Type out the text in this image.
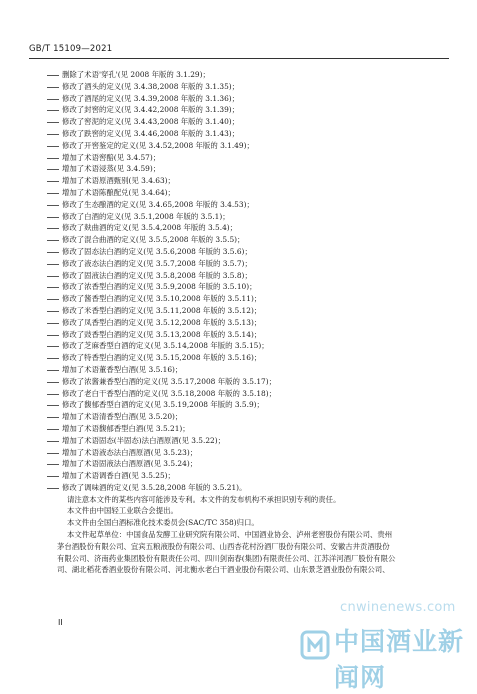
GB/T 15109—2021
删除了术语'穿孔'(见 2008 年版的 3.1.29)；
修改了酒头的定义(见 3.4.38,2008 年版的 3.1.35)；
修改了酒尾的定义(见 3.4.39,2008 年版的 3.1.36)；
修改了封窖的定义(见 3.4.42,2008 年版的 3.1.39)；
修改了窖泥的定义(见 3.4.43,2008 年版的 3.1.40)；
修改了跌窖的定义(见 3.4.46,2008 年版的 3.1.43)；
修改了开窖鉴定的定义(见 3.4.52,2008 年版的 3.1.49)；
增加了术语窖醅(见 3.4.57)；
增加了术语浸蒸(见 3.4.59)；
增加了术语原酒甄别(见 3.4.63)；
增加了术语陈酿配兑(见 3.4.64)；
修改了生态酿酒的定义(见 3.4.65,2008 年版的 3.4.53)；
修改了白酒的定义(见 3.5.1,2008 年版的 3.5.1)；
修改了麸曲酒的定义(见 3.5.4,2008 年版的 3.5.4)；
修改了混合曲酒的定义(见 3.5.5,2008 年版的 3.5.5)；
修改了固态法白酒的定义(见 3.5.6,2008 年版的 3.5.6)；
修改了液态法白酒的定义(见 3.5.7,2008 年版的 3.5.7)；
修改了固液法白酒的定义(见 3.5.8,2008 年版的 3.5.8)；
修改了浓香型白酒的定义(见 3.5.9,2008 年版的 3.5.10)；
修改了酱香型白酒的定义(见 3.5.10,2008 年版的 3.5.11)；
修改了米香型白酒的定义(见 3.5.11,2008 年版的 3.5.12)；
修改了凤香型白酒的定义(见 3.5.12,2008 年版的 3.5.13)；
修改了豉香型白酒的定义(见 3.5.13,2008 年版的 3.5.14)；
修改了芝麻香型白酒的定义(见 3.5.14,2008 年版的 3.5.15)；
修改了特香型白酒的定义(见 3.5.15,2008 年版的 3.5.16)；
增加了术语董香型白酒(见 3.5.16)；
修改了浓酱兼香型白酒的定义(见 3.5.17,2008 年版的 3.5.17)；
修改了老白干香型白酒的定义(见 3.5.18,2008 年版的 3.5.18)；
修改了馥郁香型白酒的定义(见 3.5.19,2008 年版的 3.5.9)；
增加了术语清香型白酒(见 3.5.20)；
增加了术语馥郁香型白酒(见 3.5.21)；
增加了术语固态(半固态)法白酒原酒(见 3.5.22)；
增加了术语液态法白酒原酒(见 3.5.23)；
增加了术语固液法白酒原酒(见 3.5.24)；
增加了术语调香白酒(见 3.5.25)；
修改了调味酒的定义(见 3.5.28,2008 年版的 3.5.21)。
请注意本文件的某些内容可能涉及专利。本文件的发布机构不承担识别专利的责任。
本文件由中国轻工业联合会提出。
本文件由全国白酒标准化技术委员会(SAC/TC 358)归口。
本文件起草单位：中国食品发酵工业研究院有限公司、中国酒业协会、泸州老窖股份有限公司、贵州
茅台酒股份有限公司、宜宾五粮液股份有限公司、山西杏花村汾酒厂股份有限公司、安徽古井贡酒股份
有限公司、济南药业集团股份有限责任公司、四川剑南春(集团)有限责任公司、江苏洋河酒厂股份有限公
司、湖北稻花香酒业股份有限公司、河北衡水老白干酒业股份有限公司、山东景芝酒业股份有限公司、
II
cnwinenews.com
中国酒业新闻网
